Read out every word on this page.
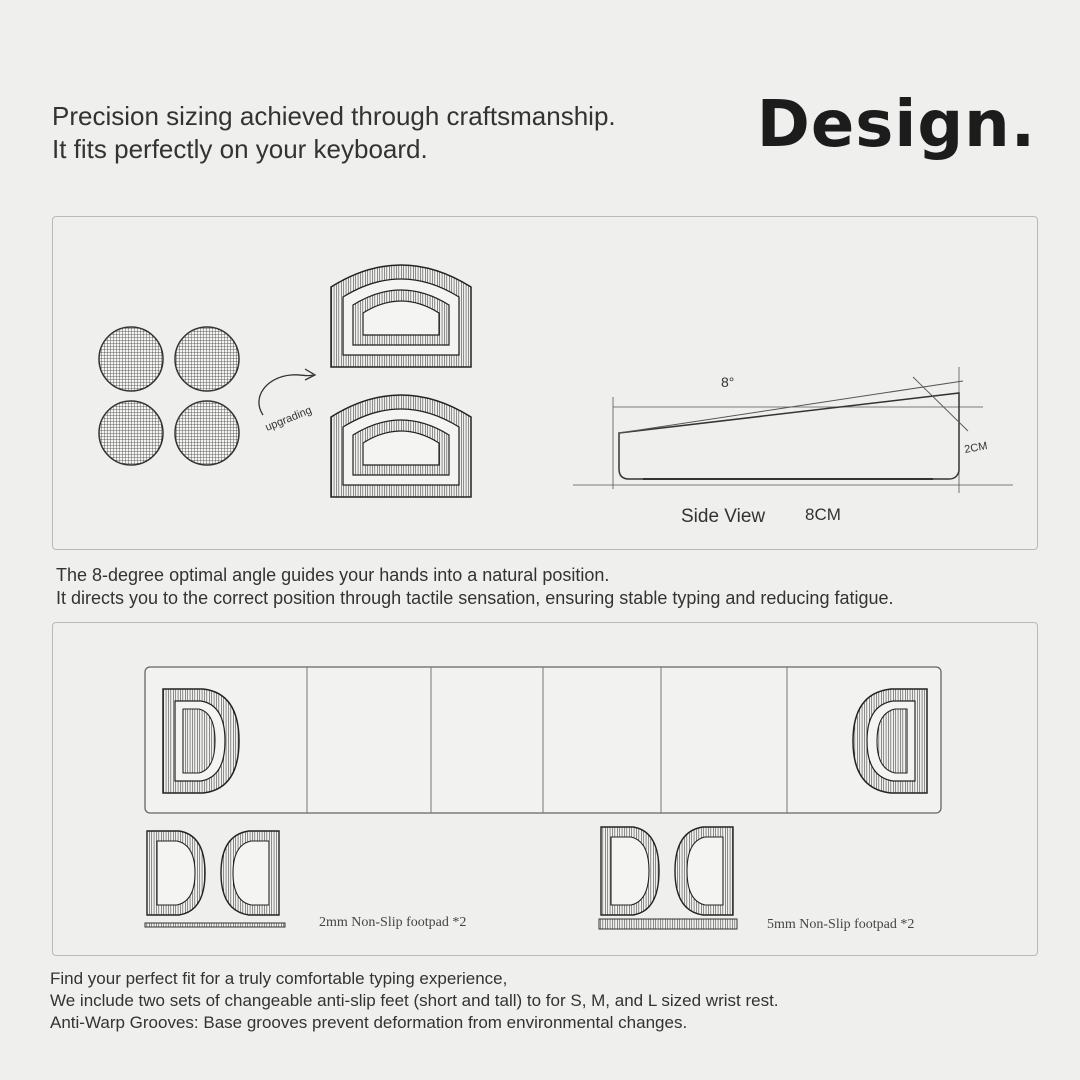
Precision sizing achieved through craftsmanship.
It fits perfectly on your keyboard.	Design.
upgrading
8°
2CM
Side View 8CM
The 8-degree optimal angle guides your hands into a natural position.
It directs you to the correct position through tactile sensation, ensuring stable typing and reducing fatigue.
2mm Non-Slip footpad *2	5mm Non-Slip footpad *2
Find your perfect fit for a truly comfortable typing experience,
We include two sets of changeable anti-slip feet (short and tall) to for S, M, and L sized wrist rest.
Anti-Warp Grooves: Base grooves prevent deformation from environmental changes.
